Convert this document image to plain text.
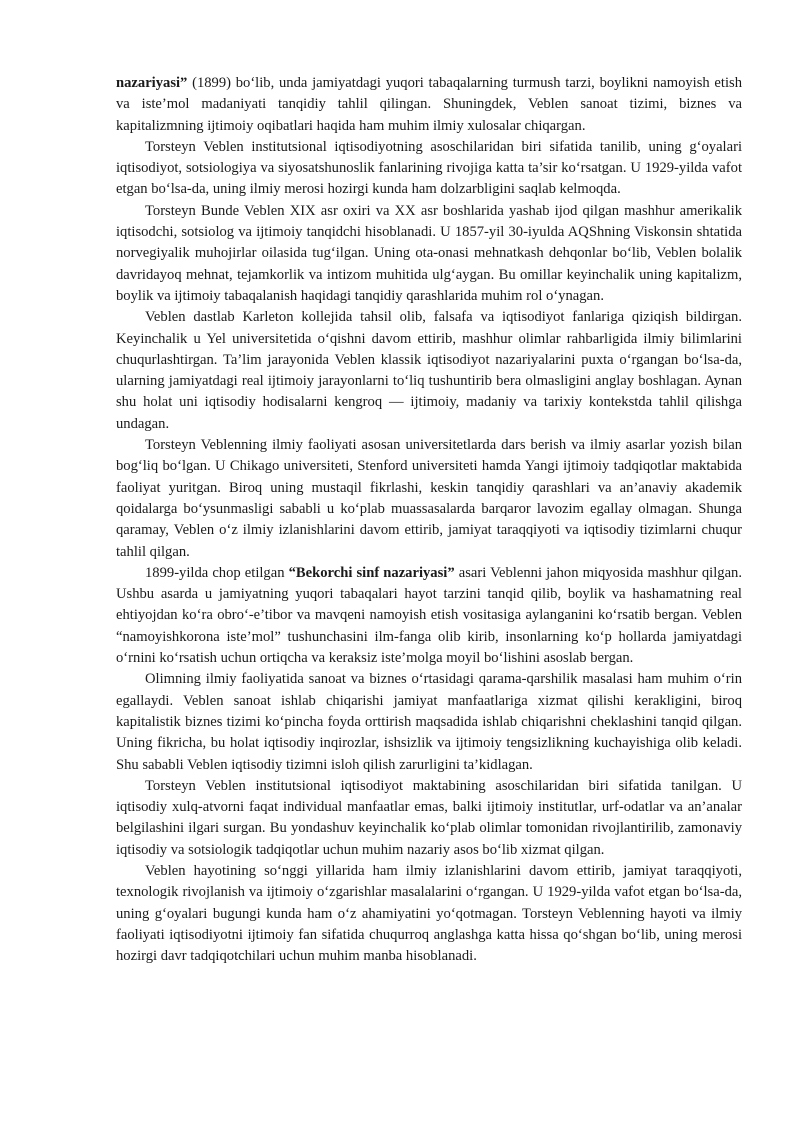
nazariyasi” (1899) bo‘lib, unda jamiyatdagi yuqori tabaqalarning turmush tarzi, boylikni namoyish etish va iste’mol madaniyati tanqidiy tahlil qilingan. Shuningdek, Veblen sanoat tizimi, biznes va kapitalizmning ijtimoiy oqibatlari haqida ham muhim ilmiy xulosalar chiqargan.

Torsteyn Veblen institutsional iqtisodiyotning asoschilaridan biri sifatida tanilib, uning g‘oyalari iqtisodiyot, sotsiologiya va siyosatshunoslik fanlarining rivojiga katta ta’sir ko‘rsatgan. U 1929-yilda vafot etgan bo‘lsa-da, uning ilmiy merosi hozirgi kunda ham dolzarbligini saqlab kelmoqda.

Torsteyn Bunde Veblen XIX asr oxiri va XX asr boshlarida yashab ijod qilgan mashhur amerikalik iqtisodchi, sotsiolog va ijtimoiy tanqidchi hisoblanadi. U 1857-yil 30-iyulda AQShning Viskonsin shtatida norvegiyalik muhojirlar oilasida tug‘ilgan. Uning ota-onasi mehnatkash dehqonlar bo‘lib, Veblen bolalik davridayoq mehnat, tejamkorlik va intizom muhitida ulg‘aygan. Bu omillar keyinchalik uning kapitalizm, boylik va ijtimoiy tabaqalanish haqidagi tanqidiy qarashlarida muhim rol o‘ynagan.

Veblen dastlab Karleton kollejida tahsil olib, falsafa va iqtisodiyot fanlariga qiziqish bildirgan. Keyinchalik u Yel universitetida o‘qishni davom ettirib, mashhur olimlar rahbarligida ilmiy bilimlarini chuqurlashtirgan. Ta’lim jarayonida Veblen klassik iqtisodiyot nazariyalarini puxta o‘rgangan bo‘lsa-da, ularning jamiyatdagi real ijtimoiy jarayonlarni to‘liq tushuntirib bera olmasligini anglay boshlagan. Aynan shu holat uni iqtisodiy hodisalarni kengroq — ijtimoiy, madaniy va tarixiy kontekstda tahlil qilishga undagan.

Torsteyn Veblenning ilmiy faoliyati asosan universitetlarda dars berish va ilmiy asarlar yozish bilan bog‘liq bo‘lgan. U Chikago universiteti, Stenford universiteti hamda Yangi ijtimoiy tadqiqotlar maktabida faoliyat yuritgan. Biroq uning mustaqil fikrlashi, keskin tanqidiy qarashlari va an’anaviy akademik qoidalarga bo‘ysunmasligi sababli u ko‘plab muassasalarda barqaror lavozim egallay olmagan. Shunga qaramay, Veblen o‘z ilmiy izlanishlarini davom ettirib, jamiyat taraqqiyoti va iqtisodiy tizimlarni chuqur tahlil qilgan.

1899-yilda chop etilgan “Bekorchi sinf nazariyasi” asari Veblenni jahon miqyosida mashhur qilgan. Ushbu asarda u jamiyatning yuqori tabaqalari hayot tarzini tanqid qilib, boylik va hashamatning real ehtiyojdan ko‘ra obro‘-e’tibor va mavqeni namoyish etish vositasiga aylanganini ko‘rsatib bergan. Veblen “namoyishkorona iste’mol” tushunchasini ilm-fanga olib kirib, insonlarning ko‘p hollarda jamiyatdagi o‘rnini ko‘rsatish uchun ortiqcha va keraksiz iste’molga moyil bo‘lishini asoslab bergan.

Olimning ilmiy faoliyatida sanoat va biznes o‘rtasidagi qarama-qarshilik masalasi ham muhim o‘rin egallaydi. Veblen sanoat ishlab chiqarishi jamiyat manfaatlariga xizmat qilishi kerakligini, biroq kapitalistik biznes tizimi ko‘pincha foyda orttirish maqsadida ishlab chiqarishni cheklashini tanqid qilgan. Uning fikricha, bu holat iqtisodiy inqirozlar, ishsizlik va ijtimoiy tengsizlikning kuchayishiga olib keladi. Shu sababli Veblen iqtisodiy tizimni isloh qilish zarurligini ta’kidlagan.

Torsteyn Veblen institutsional iqtisodiyot maktabining asoschilaridan biri sifatida tanilgan. U iqtisodiy xulq-atvorni faqat individual manfaatlar emas, balki ijtimoiy institutlar, urf-odatlar va an’analar belgilashini ilgari surgan. Bu yondashuv keyinchalik ko‘plab olimlar tomonidan rivojlantirilib, zamonaviy iqtisodiy va sotsiologik tadqiqotlar uchun muhim nazariy asos bo‘lib xizmat qilgan.

Veblen hayotining so‘nggi yillarida ham ilmiy izlanishlarini davom ettirib, jamiyat taraqqiyoti, texnologik rivojlanish va ijtimoiy o‘zgarishlar masalalarini o‘rgangan. U 1929-yilda vafot etgan bo‘lsa-da, uning g‘oyalari bugungi kunda ham o‘z ahamiyatini yo‘qotmagan. Torsteyn Veblenning hayoti va ilmiy faoliyati iqtisodiyotni ijtimoiy fan sifatida chuqurroq anglashga katta hissa qo‘shgan bo‘lib, uning merosi hozirgi davr tadqiqotchilari uchun muhim manba hisoblanadi.
